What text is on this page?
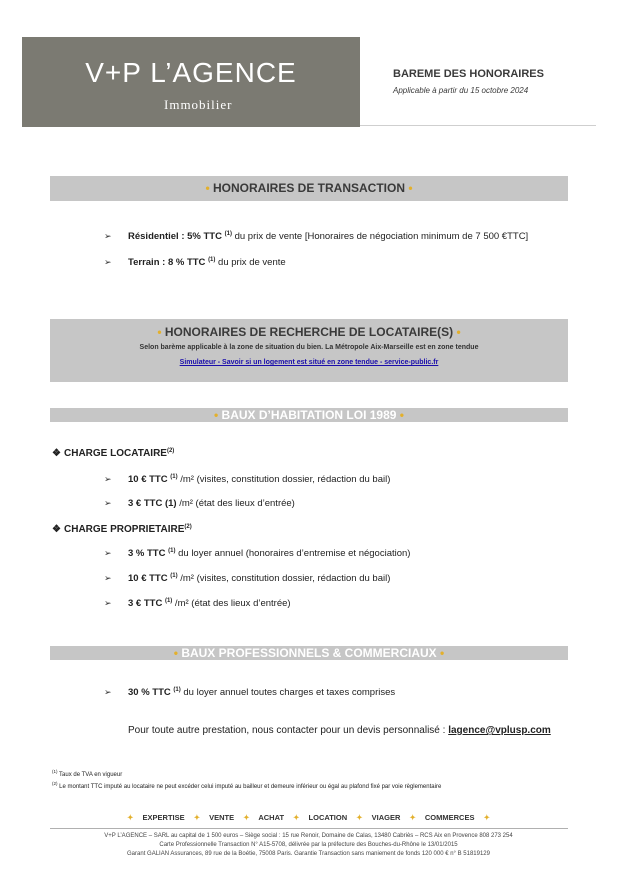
V+P L’AGENCE
Immobilier
BAREME DES HONORAIRES
Applicable à partir du 15 octobre 2024
• HONORAIRES DE TRANSACTION •
➢ Résidentiel : 5% TTC $^{(1)}$ du prix de vente [Honoraires de négociation minimum de 7 500 €TTC]
➢ Terrain : 8 % TTC $^{(1)}$ du prix de vente
• HONORAIRES DE RECHERCHE DE LOCATAIRE(S) •
Selon barème applicable à la zone de situation du bien. La Métropole Aix-Marseille est en zone tendue
Simulateur - Savoir si un logement est situé en zone tendue - service-public.fr
• BAUX D’HABITATION LOI 1989 •
❖ CHARGE LOCATAIRE$^{(2)}$
➢ 10 € TTC $^{(1)}$ /m² (visites, constitution dossier, rédaction du bail)
➢ 3 € TTC (1) /m² (état des lieux d’entrée)
❖ CHARGE PROPRIETAIRE$^{(2)}$
➢ 3 % TTC $^{(1)}$ du loyer annuel (honoraires d’entremise et négociation)
➢ 10 € TTC $^{(1)}$ /m² (visites, constitution dossier, rédaction du bail)
➢ 3 € TTC $^{(1)}$ /m² (état des lieux d’entrée)
• BAUX PROFESSIONNELS & COMMERCIAUX •
➢ 30 % TTC $^{(1)}$ du loyer annuel toutes charges et taxes comprises
Pour toute autre prestation, nous contacter pour un devis personnalisé : lagence@vplusp.com
$^{(1)}$ Taux de TVA en vigueur
$^{(2)}$ Le montant TTC imputé au locataire ne peut excéder celui imputé au bailleur et demeure inférieur ou égal au plafond fixé par voie règlementaire
✦ EXPERTISE ✦ VENTE ✦ ACHAT ✦ LOCATION ✦ VIAGER ✦ COMMERCES ✦
V+P L’AGENCE – SARL au capital de 1 500 euros – Siège social : 15 rue Renoir, Domaine de Calas, 13480 Cabriès – RCS Aix en Provence 808 273 254
Carte Professionnelle Transaction N° A15-5708, délivrée par la préfecture des Bouches-du-Rhône le 13/01/2015
Garant GALIAN Assurances, 89 rue de la Boétie, 75008 Paris. Garantie Transaction sans maniement de fonds 120 000 € n° B 51819129
